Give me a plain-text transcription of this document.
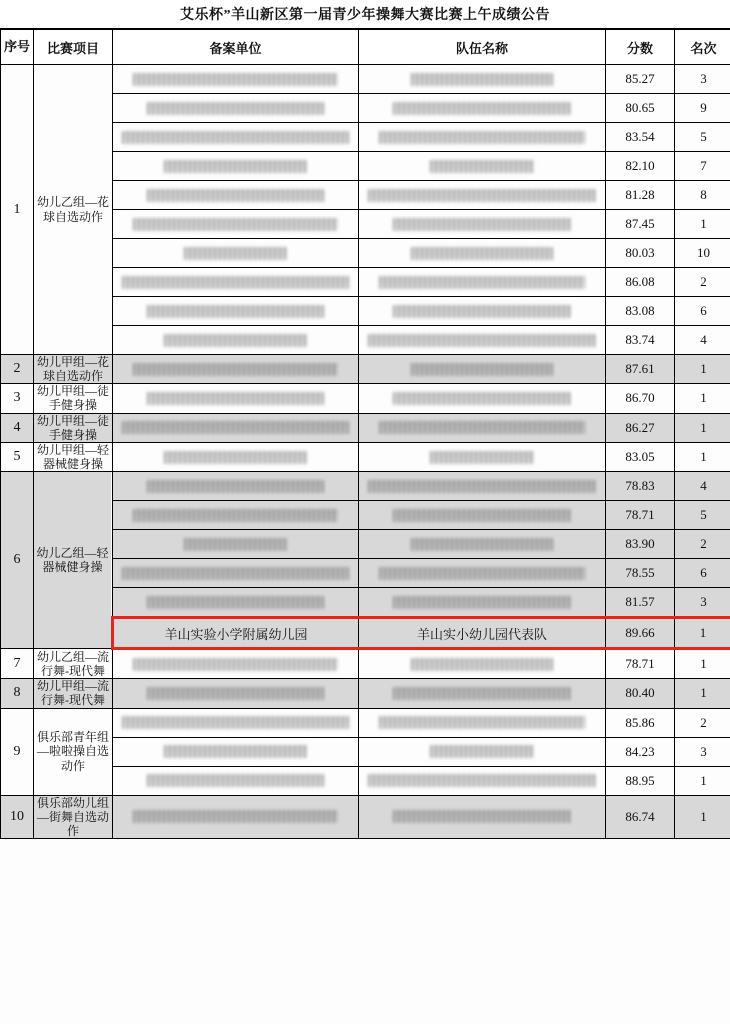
艾乐杯”羊山新区第一届青少年操舞大赛比赛上午成绩公告
序号	比赛项目	备案单位	队伍名称	分数	名次
1	幼儿乙组—花球自选动作			85.27	3

			80.65	9

			83.54	5

			82.10	7

			81.28	8

			87.45	1

			80.03	10

			86.08	2

			83.08	6

			83.74	4
2	幼儿甲组—花球自选动作			87.61	1
3	幼儿甲组—徒手健身操			86.70	1
4	幼儿甲组—徒手健身操			86.27	1
5	幼儿甲组—轻器械健身操			83.05	1
6	幼儿乙组—轻器械健身操			78.83	4

			78.71	5

			83.90	2

			78.55	6

			81.57	3
		羊山实验小学附属幼儿园	羊山实小幼儿园代表队	89.66	1
7	幼儿乙组—流行舞-现代舞			78.71	1
8	幼儿甲组—流行舞-现代舞			80.40	1
9	俱乐部青年组—啦啦操自选动作			85.86	2

			84.23	3

			88.95	1
10	俱乐部幼儿组—街舞自选动作			86.74	1
